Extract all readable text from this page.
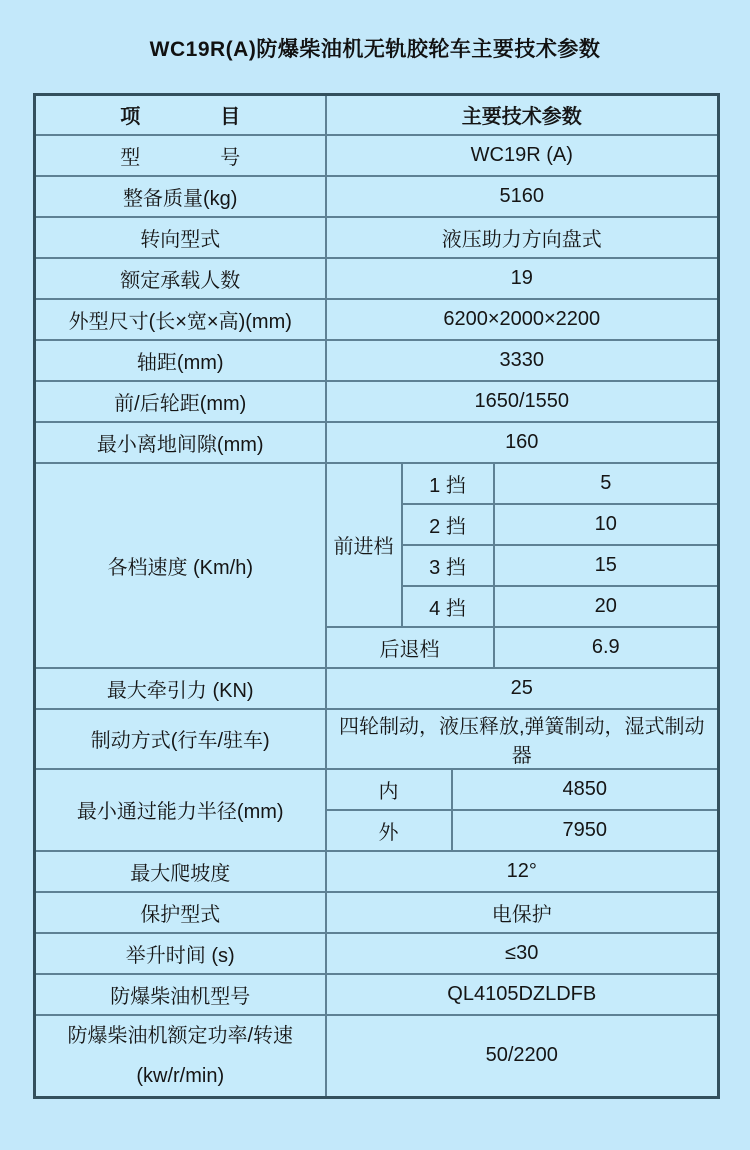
WC19R(A)防爆柴油机无轨胶轮车主要技术参数
项　　　　目	主要技术参数			
型　　　　号	WC19R (A)			
整备质量(kg)	5160			
转向型式	液压助力方向盘式			
额定承载人数	19			
外型尺寸(长×宽×高)(mm)	6200×2000×2200			
轴距(mm)	3330			
前/后轮距(mm)	1650/1550			
最小离地间隙(mm)	160			
各档速度 (Km/h)	前进档	1 挡		5
		2 挡		10
		3 挡		15
		4 挡		20
	后退档			6.9
最大牵引力 (KN)	25			
制动方式(行车/驻车)	四轮制动，液压释放,弹簧制动，湿式制动器			
最小通过能力半径(mm)	内		4850	
	外		7950	
最大爬坡度	12°			
保护型式	电保护			
举升时间 (s)	≤30			
防爆柴油机型号	QL4105DZLDFB			

防爆柴油机额定功率/转速
(kw/r/min)	50/2200			
